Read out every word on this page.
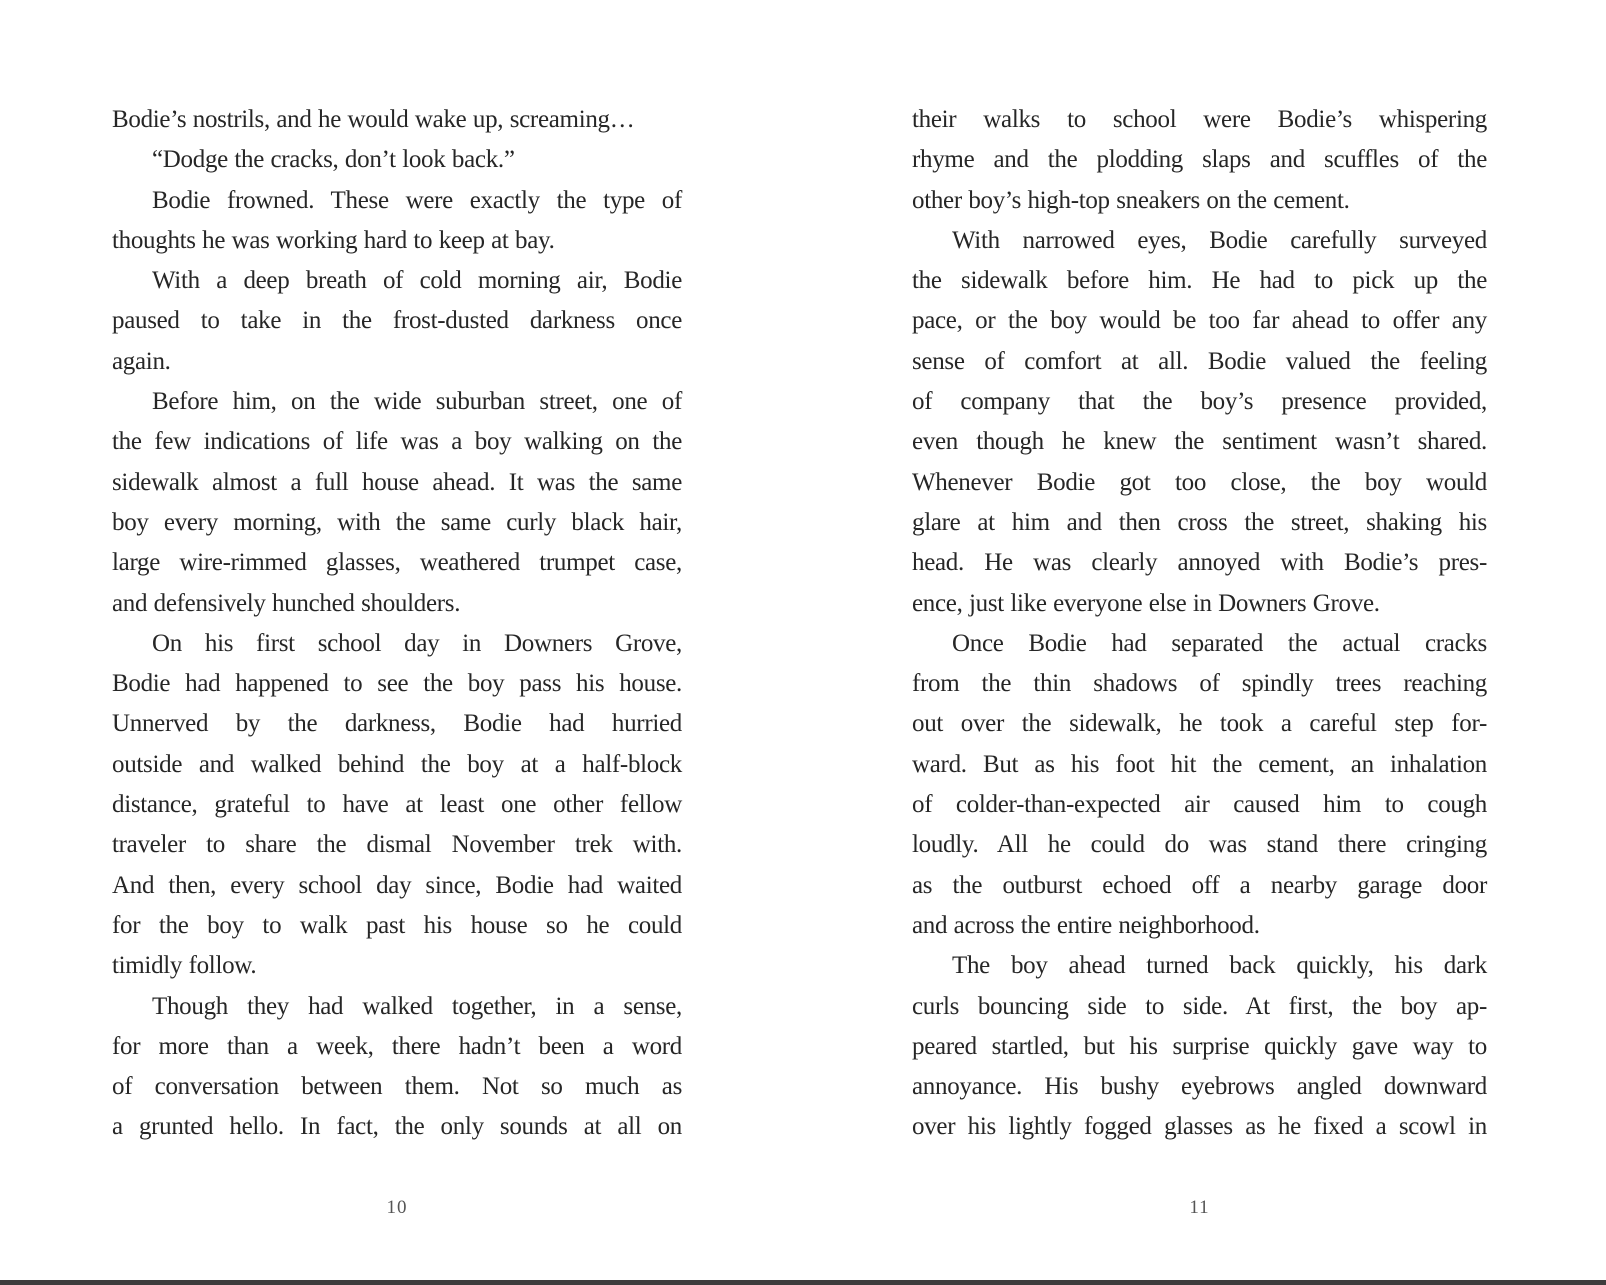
Bodie’s nostrils, and he would wake up, screaming…
“Dodge the cracks, don’t look back.”
Bodie frowned. These were exactly the type of
thoughts he was working hard to keep at bay.
With a deep breath of cold morning air, Bodie
paused to take in the frost-dusted darkness once
again.
Before him, on the wide suburban street, one of
the few indications of life was a boy walking on the
sidewalk almost a full house ahead. It was the same
boy every morning, with the same curly black hair,
large wire-rimmed glasses, weathered trumpet case,
and defensively hunched shoulders.
On his first school day in Downers Grove,
Bodie had happened to see the boy pass his house.
Unnerved by the darkness, Bodie had hurried
outside and walked behind the boy at a half-block
distance, grateful to have at least one other fellow
traveler to share the dismal November trek with.
And then, every school day since, Bodie had waited
for the boy to walk past his house so he could
timidly follow.
Though they had walked together, in a sense,
for more than a week, there hadn’t been a word
of conversation between them. Not so much as
a grunted hello. In fact, the only sounds at all on
10
their walks to school were Bodie’s whispering
rhyme and the plodding slaps and scuffles of the
other boy’s high-top sneakers on the cement.
With narrowed eyes, Bodie carefully surveyed
the sidewalk before him. He had to pick up the
pace, or the boy would be too far ahead to offer any
sense of comfort at all. Bodie valued the feeling
of company that the boy’s presence provided,
even though he knew the sentiment wasn’t shared.
Whenever Bodie got too close, the boy would
glare at him and then cross the street, shaking his
head. He was clearly annoyed with Bodie’s pres-
ence, just like everyone else in Downers Grove.
Once Bodie had separated the actual cracks
from the thin shadows of spindly trees reaching
out over the sidewalk, he took a careful step for-
ward. But as his foot hit the cement, an inhalation
of colder-than-expected air caused him to cough
loudly. All he could do was stand there cringing
as the outburst echoed off a nearby garage door
and across the entire neighborhood.
The boy ahead turned back quickly, his dark
curls bouncing side to side. At first, the boy ap-
peared startled, but his surprise quickly gave way to
annoyance. His bushy eyebrows angled downward
over his lightly fogged glasses as he fixed a scowl in
11
